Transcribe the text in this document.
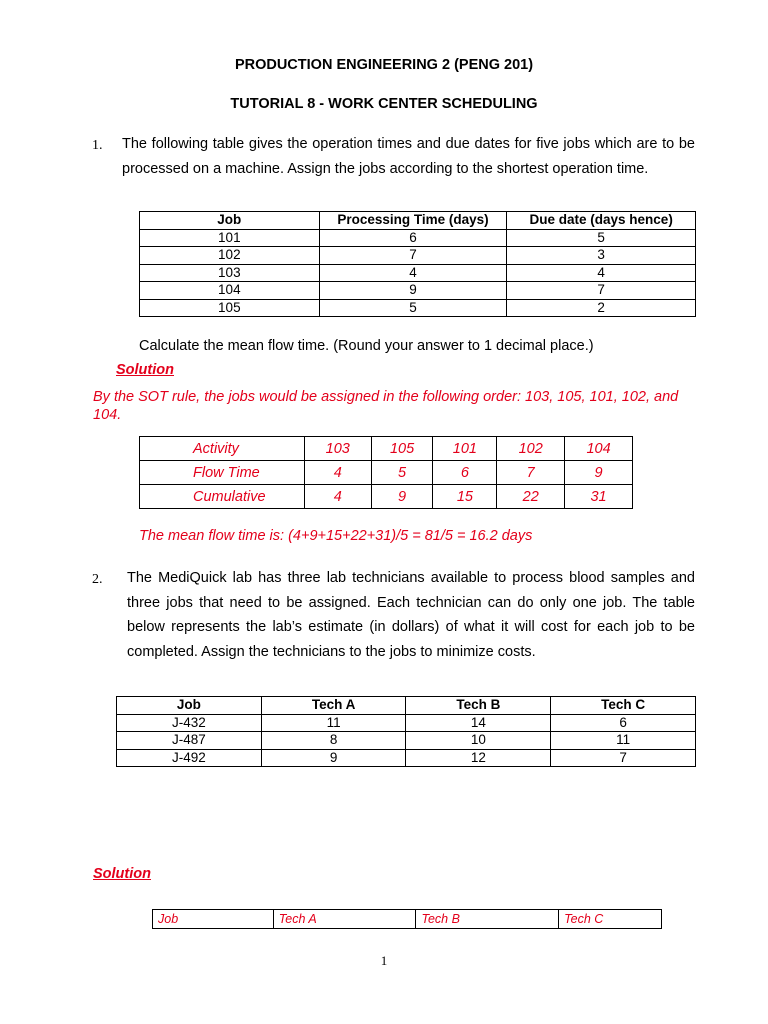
PRODUCTION ENGINEERING 2 (PENG 201)
TUTORIAL 8 - WORK CENTER SCHEDULING
1. The following table gives the operation times and due dates for five jobs which are to be processed on a machine. Assign the jobs according to the shortest operation time.
Job	Processing Time (days)	Due date (days hence)
101	6	5
102	7	3
103	4	4
104	9	7
105	5	2
Calculate the mean flow time. (Round your answer to 1 decimal place.)
Solution
By the SOT rule, the jobs would be assigned in the following order: 103, 105, 101, 102, and 104.
Activity	103	105	101	102	104
Flow Time	4	5	6	7	9
Cumulative	4	9	15	22	31
The mean flow time is: (4+9+15+22+31)/5 = 81/5 = 16.2 days
2. The MediQuick lab has three lab technicians available to process blood samples and three jobs that need to be assigned. Each technician can do only one job. The table below represents the lab’s estimate (in dollars) of what it will cost for each job to be completed. Assign the technicians to the jobs to minimize costs.
Job	Tech A	Tech B	Tech C
J-432	11	14	6
J-487	8	10	11
J-492	9	12	7
Solution
Job	Tech A	Tech B	Tech C
1
